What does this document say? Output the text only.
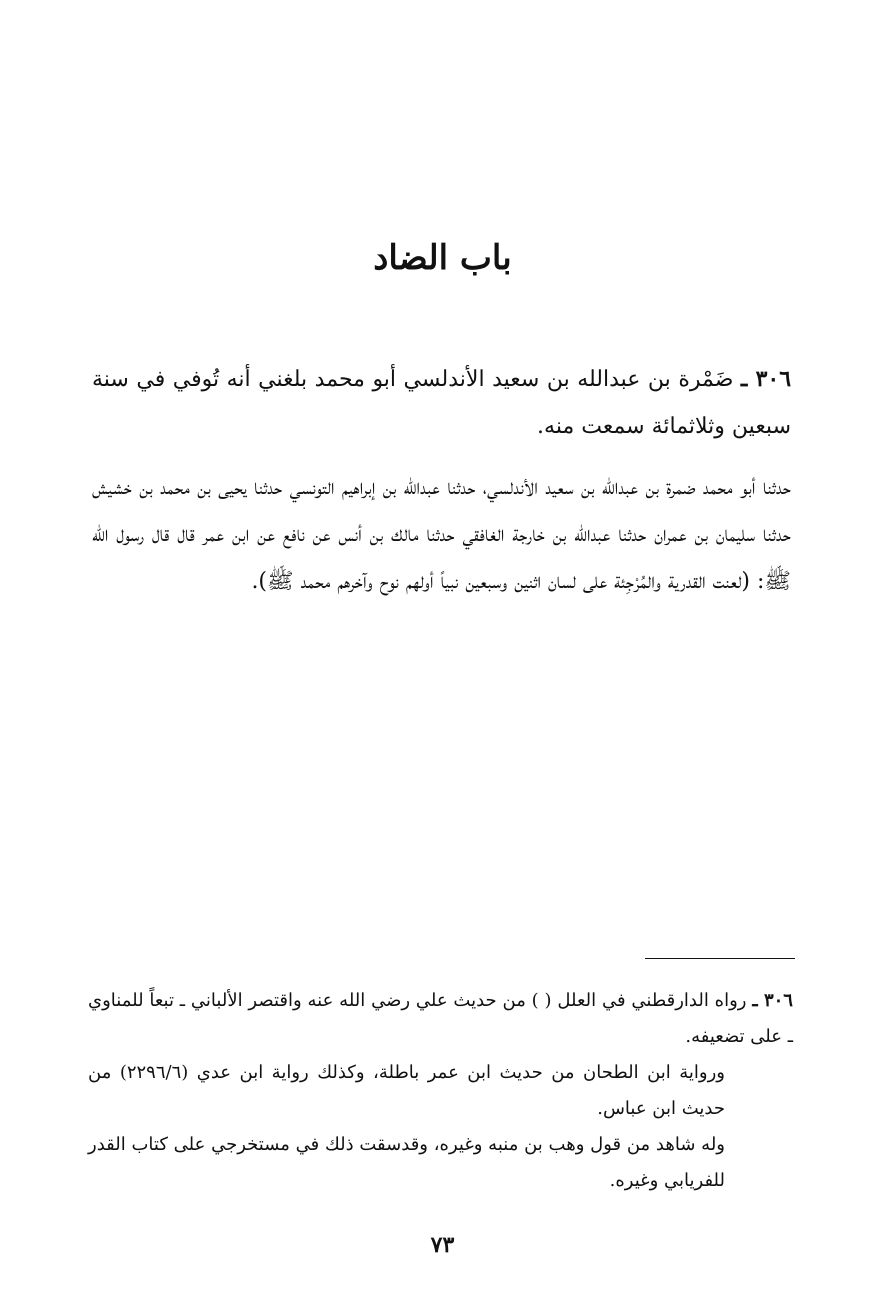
باب الضاد

٣٠٦ ـ ضَمْرة بن عبدالله بن سعيد الأندلسي أبو محمد بلغني أنه تُوفي في سنة سبعين وثلاثمائة سمعت منه.

حدثنا أبو محمد ضمرة بن عبدالله بن سعيد الأندلسي، حدثنا عبدالله بن إبراهيم التونسي حدثنا يحيى بن محمد بن خشيش حدثنا سليمان بن عمران حدثنا عبدالله بن خارجة الغافقي حدثنا مالك بن أنس عن نافع عن ابن عمر قال قال رسول الله ﷺ: (لعنت القدرية والمُرْجِئة على لسان اثنين وسبعين نبياً أولهم نوح وآخرهم محمد ﷺ).

٣٠٦ ـ رواه الدارقطني في العلل ( ) من حديث علي رضي الله عنه واقتصر الألباني ـ تبعاً للمناوي ـ على تضعيفه.

ورواية ابن الطحان من حديث ابن عمر باطلة، وكذلك رواية ابن عدي (٢٢٩٦/٦) من حديث ابن عباس.

وله شاهد من قول وهب بن منبه وغيره، وقدسقت ذلك في مستخرجي على كتاب القدر للفريابي وغيره.

٧٣
